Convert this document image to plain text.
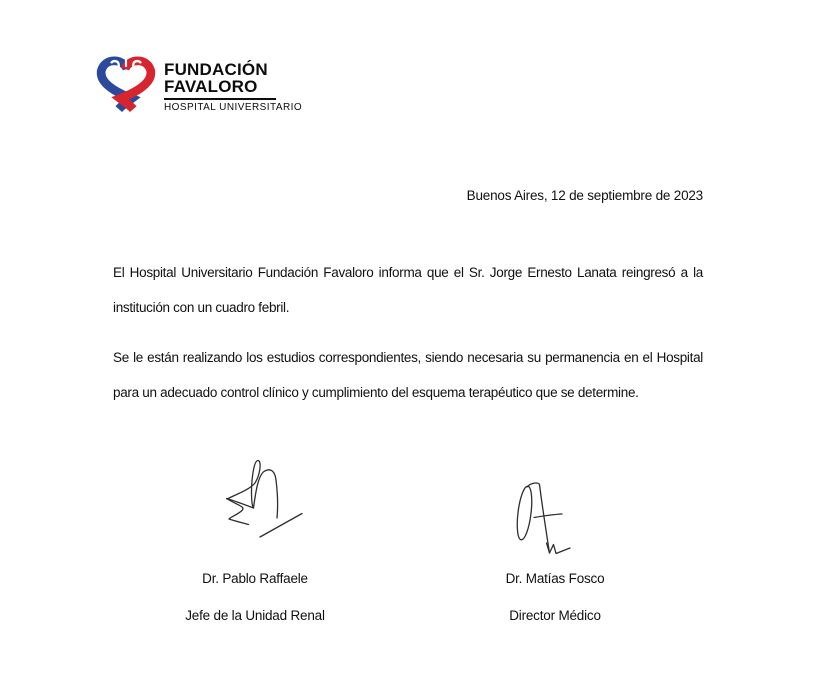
FUNDACIÓN
FAVALORO
HOSPITAL UNIVERSITARIO
Buenos Aires, 12 de septiembre de 2023

El Hospital Universitario Fundación Favaloro informa que el Sr. Jorge Ernesto Lanata reingresó a la institución con un cuadro febril.

Se le están realizando los estudios correspondientes, siendo necesaria su permanencia en el Hospital para un adecuado control clínico y cumplimiento del esquema terapéutico que se determine.

Dr. Pablo Raffaele
Jefe de la Unidad Renal
Dr. Matías Fosco
Director Médico
